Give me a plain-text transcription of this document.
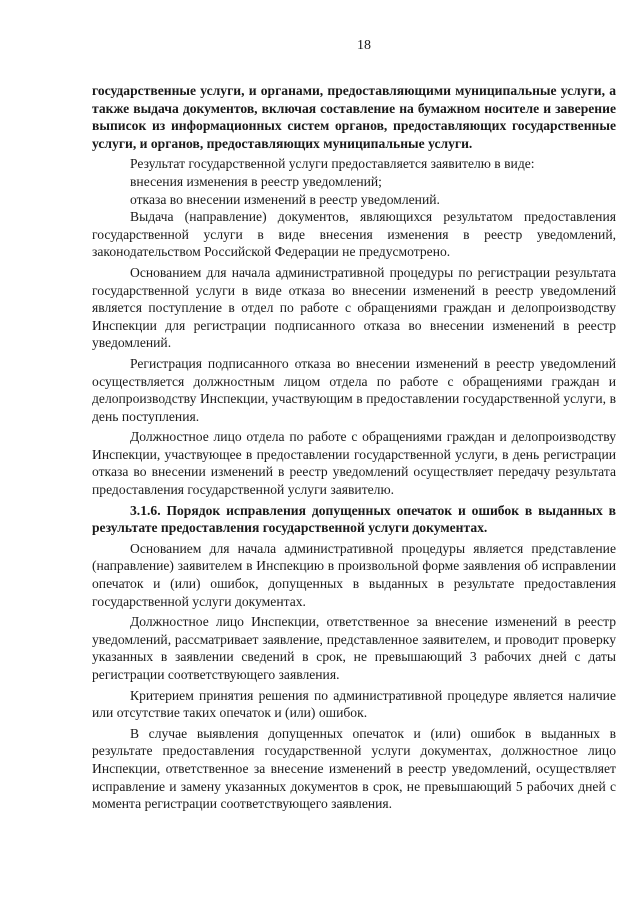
18

государственные услуги, и органами, предоставляющими муниципальные услуги, а также выдача документов, включая составление на бумажном носителе и заверение выписок из информационных систем органов, предоставляющих государственные услуги, и органов, предоставляющих муниципальные услуги.

Результат государственной услуги предоставляется заявителю в виде:

внесения изменения в реестр уведомлений;

отказа во внесении изменений в реестр уведомлений.

Выдача (направление) документов, являющихся результатом предоставления государственной услуги в виде внесения изменения в реестр уведомлений, законодательством Российской Федерации не предусмотрено.

Основанием для начала административной процедуры по регистрации результата государственной услуги в виде отказа во внесении изменений в реестр уведомлений является поступление в отдел по работе с обращениями граждан и делопроизводству Инспекции для регистрации подписанного отказа во внесении изменений в реестр уведомлений.

Регистрация подписанного отказа во внесении изменений в реестр уведомлений осуществляется должностным лицом отдела по работе с обращениями граждан и делопроизводству Инспекции, участвующим в предоставлении государственной услуги, в день поступления.

Должностное лицо отдела по работе с обращениями граждан и делопроизводству Инспекции, участвующее в предоставлении государственной услуги, в день регистрации отказа во внесении изменений в реестр уведомлений осуществляет передачу результата предоставления государственной услуги заявителю.

3.1.6. Порядок исправления допущенных опечаток и ошибок в выданных в результате предоставления государственной услуги документах.

Основанием для начала административной процедуры является представление (направление) заявителем в Инспекцию в произвольной форме заявления об исправлении опечаток и (или) ошибок, допущенных в выданных в результате предоставления государственной услуги документах.

Должностное лицо Инспекции, ответственное за внесение изменений в реестр уведомлений, рассматривает заявление, представленное заявителем, и проводит проверку указанных в заявлении сведений в срок, не превышающий 3 рабочих дней с даты регистрации соответствующего заявления.

Критерием принятия решения по административной процедуре является наличие или отсутствие таких опечаток и (или) ошибок.

В случае выявления допущенных опечаток и (или) ошибок в выданных в результате предоставления государственной услуги документах, должностное лицо Инспекции, ответственное за внесение изменений в реестр уведомлений, осуществляет исправление и замену указанных документов в срок, не превышающий 5 рабочих дней с момента регистрации соответствующего заявления.
